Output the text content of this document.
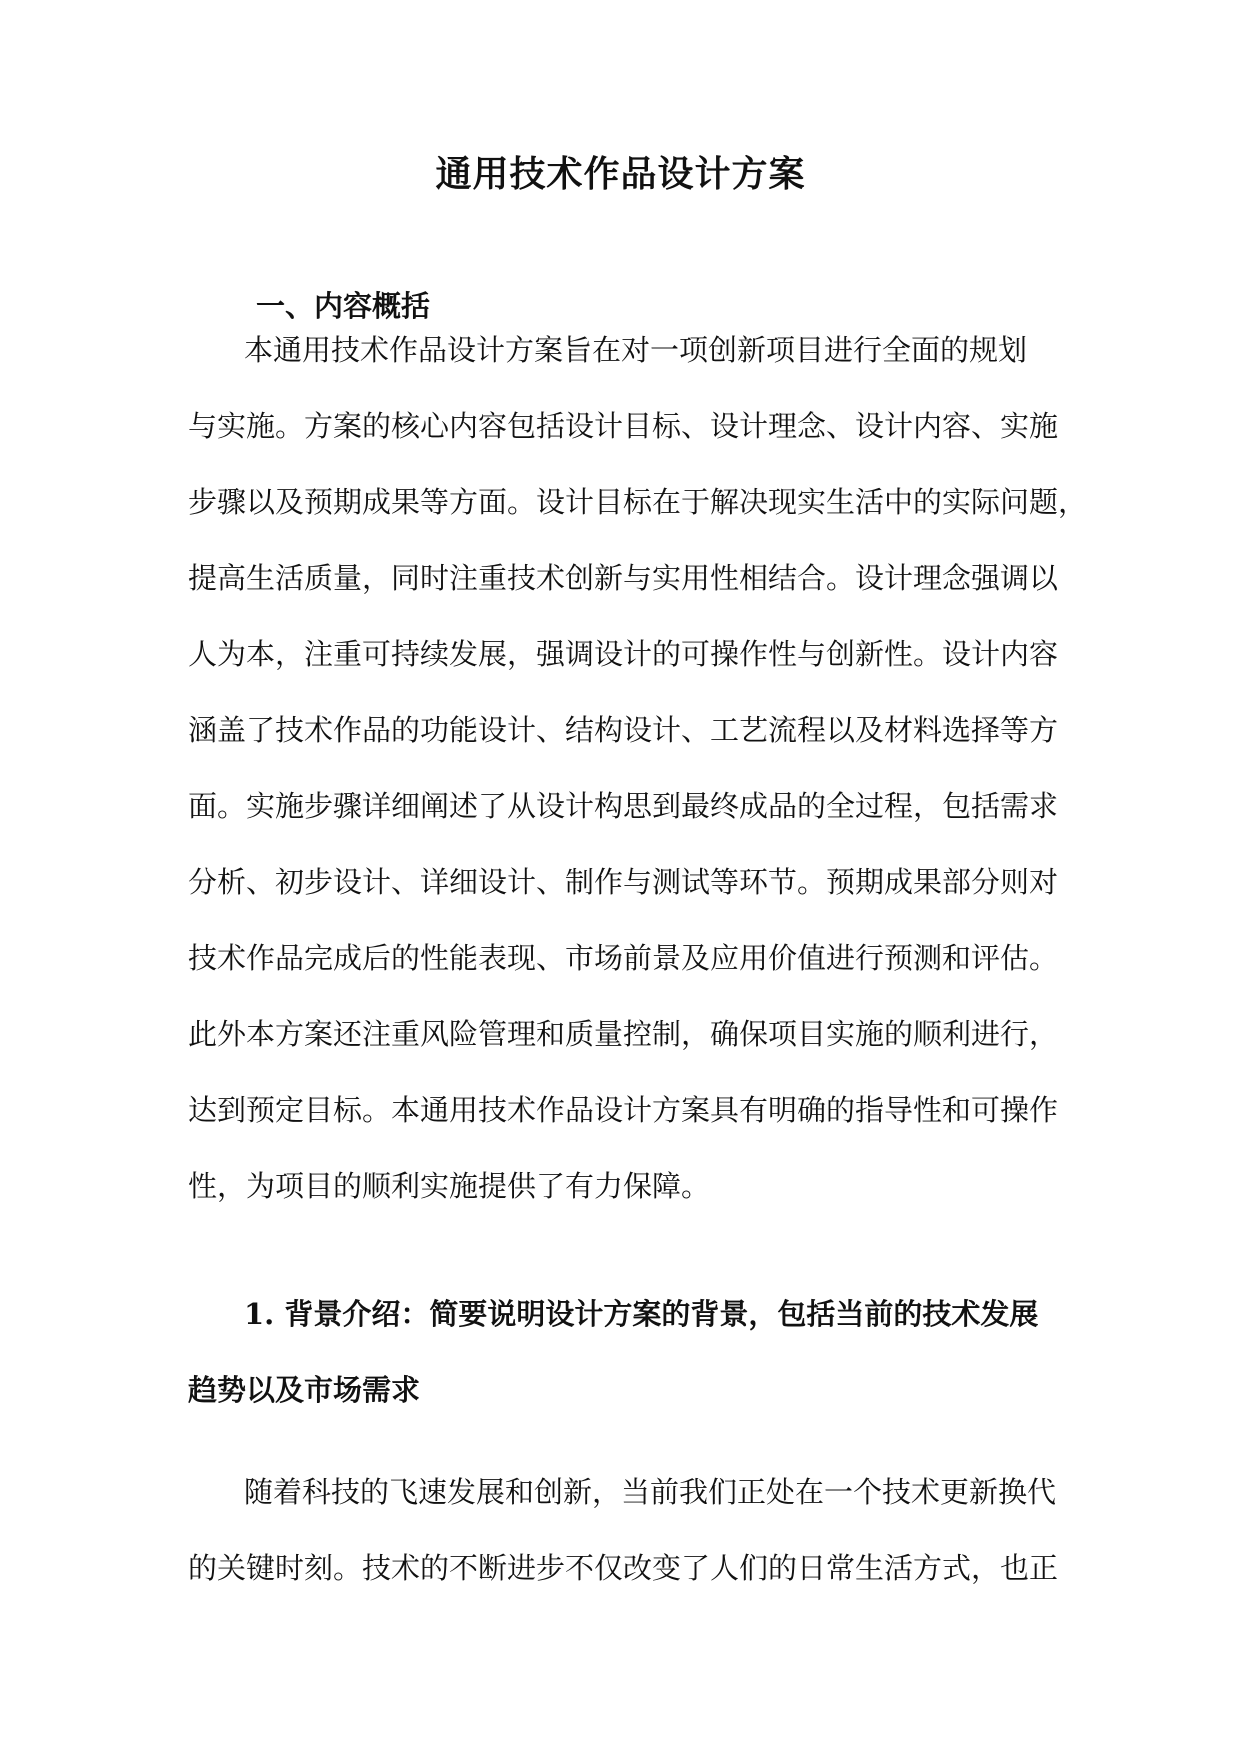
通用技术作品设计方案
一、内容概括
本通用技术作品设计方案旨在对一项创新项目进行全面的规划
与实施。方案的核心内容包括设计目标、设计理念、设计内容、实施
步骤以及预期成果等方面。设计目标在于解决现实生活中的实际问题，
提高生活质量，同时注重技术创新与实用性相结合。设计理念强调以
人为本，注重可持续发展，强调设计的可操作性与创新性。设计内容
涵盖了技术作品的功能设计、结构设计、工艺流程以及材料选择等方
面。实施步骤详细阐述了从设计构思到最终成品的全过程，包括需求
分析、初步设计、详细设计、制作与测试等环节。预期成果部分则对
技术作品完成后的性能表现、市场前景及应用价值进行预测和评估。
此外本方案还注重风险管理和质量控制，确保项目实施的顺利进行，
达到预定目标。本通用技术作品设计方案具有明确的指导性和可操作
性，为项目的顺利实施提供了有力保障。
1. 背景介绍：简要说明设计方案的背景，包括当前的技术发展
趋势以及市场需求
随着科技的飞速发展和创新，当前我们正处在一个技术更新换代
的关键时刻。技术的不断进步不仅改变了人们的日常生活方式，也正
